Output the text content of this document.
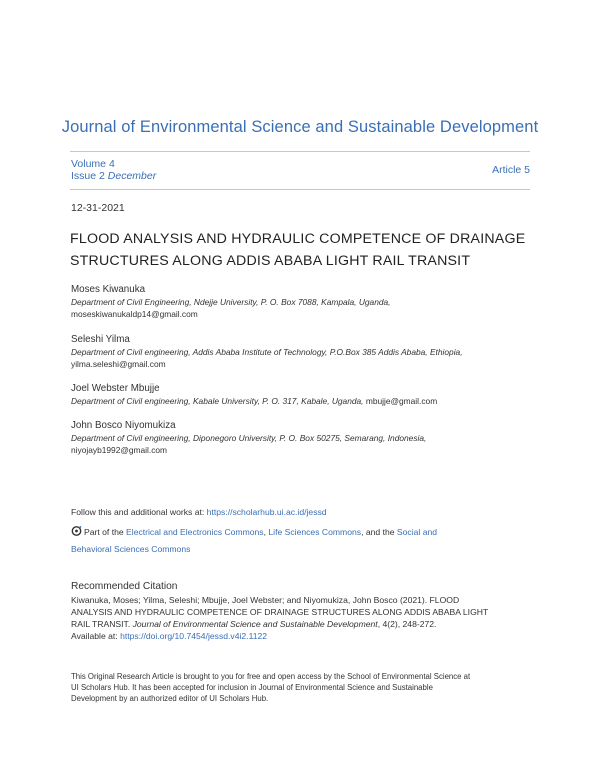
Journal of Environmental Science and Sustainable Development
Volume 4
Issue 2 December	Article 5
12-31-2021
FLOOD ANALYSIS AND HYDRAULIC COMPETENCE OF DRAINAGE
STRUCTURES ALONG ADDIS ABABA LIGHT RAIL TRANSIT
Moses Kiwanuka
Department of Civil Engineering, Ndejje University, P. O. Box 7088, Kampala, Uganda,
moseskiwanukaldp14@gmail.com
Seleshi Yilma
Department of Civil engineering, Addis Ababa Institute of Technology, P.O.Box 385 Addis Ababa, Ethiopia,
yilma.seleshi@gmail.com
Joel Webster Mbujje
Department of Civil engineering, Kabale University, P. O. 317, Kabale, Uganda, mbujje@gmail.com
John Bosco Niyomukiza
Department of Civil engineering, Diponegoro University, P. O. Box 50275, Semarang, Indonesia,
niyojayb1992@gmail.com
Follow this and additional works at: https://scholarhub.ui.ac.id/jessd
Part of the Electrical and Electronics Commons, Life Sciences Commons, and the Social and
Behavioral Sciences Commons
Recommended Citation
Kiwanuka, Moses; Yilma, Seleshi; Mbujje, Joel Webster; and Niyomukiza, John Bosco (2021). FLOOD
ANALYSIS AND HYDRAULIC COMPETENCE OF DRAINAGE STRUCTURES ALONG ADDIS ABABA LIGHT
RAIL TRANSIT. Journal of Environmental Science and Sustainable Development, 4(2), 248-272.
Available at: https://doi.org/10.7454/jessd.v4i2.1122
This Original Research Article is brought to you for free and open access by the School of Environmental Science at
UI Scholars Hub. It has been accepted for inclusion in Journal of Environmental Science and Sustainable
Development by an authorized editor of UI Scholars Hub.
